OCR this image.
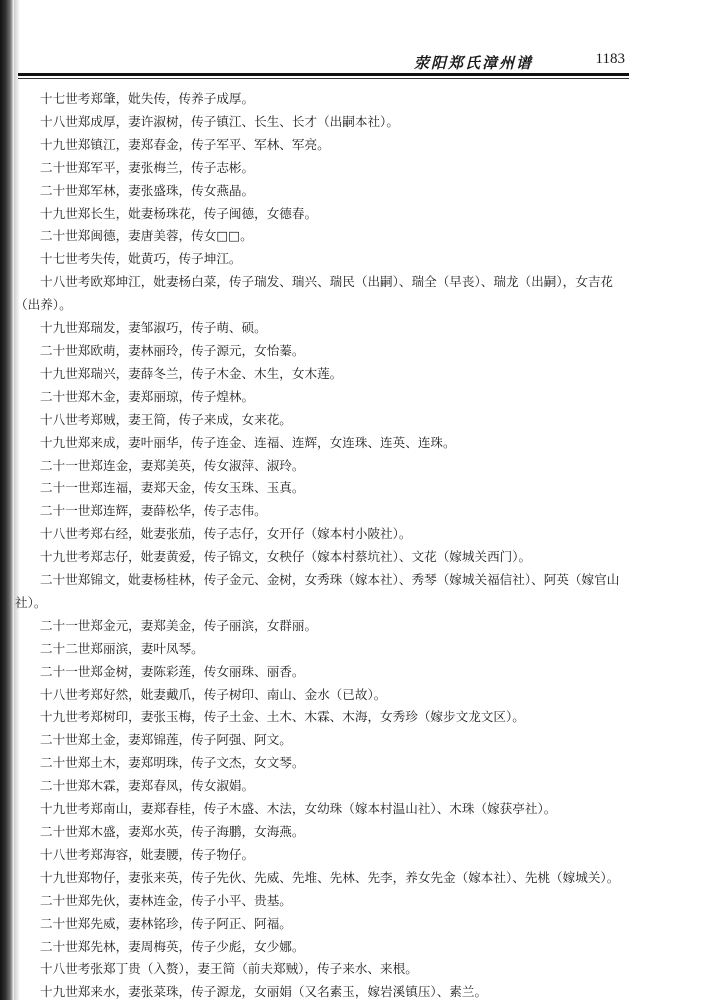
荥阳郑氏漳州谱	1183

十七世考郑肇，妣失传，传养子成厚。

十八世郑成厚，妻许淑树，传子镇江、长生、长才（出嗣本社）。

十九世郑镇江，妻郑春金，传子军平、军林、军亮。

二十世郑军平，妻张梅兰，传子志彬。

二十世郑军林，妻张盛珠，传女燕晶。

十九世郑长生，妣妻杨珠花，传子闽德，女德春。

二十世郑闽德，妻唐美蓉，传女□□。

十七世考失传，妣黄巧，传子坤江。

十八世考欧郑坤江，妣妻杨白菜，传子瑞发、瑞兴、瑞民（出嗣）、瑞全（早丧）、瑞龙（出嗣），女吉花（出养）。

十九世郑瑞发，妻邹淑巧，传子萌、硕。

二十世郑欧萌，妻林丽玲，传子源元，女怡蓁。

十九世郑瑞兴，妻薛冬兰，传子木金、木生，女木莲。

二十世郑木金，妻郑丽琼，传子煌林。

十八世考郑贼，妻王简，传子来成，女来花。

十九世郑来成，妻叶丽华，传子连金、连福、连辉，女连珠、连英、连珠。

二十一世郑连金，妻郑美英，传女淑萍、淑玲。

二十一世郑连福，妻郑天金，传女玉珠、玉真。

二十一世郑连辉，妻薛松华，传子志伟。

十八世考郑右经，妣妻张茄，传子志仔，女开仔（嫁本村小陂社）。

十九世考郑志仔，妣妻黄爱，传子锦文，女秧仔（嫁本村蔡坑社）、文花（嫁城关西门）。

二十世郑锦文，妣妻杨桂林，传子金元、金树，女秀珠（嫁本社）、秀琴（嫁城关福信社）、阿英（嫁官山社）。

二十一世郑金元，妻郑美金，传子丽滨，女群丽。

二十二世郑丽滨，妻叶凤琴。

二十一世郑金树，妻陈彩莲，传女丽珠、丽香。

十八世考郑好然，妣妻戴爪，传子树印、南山、金水（已故）。

十九世考郑树印，妻张玉梅，传子土金、土木、木霖、木海，女秀珍（嫁步文龙文区）。

二十世郑土金，妻郑锦莲，传子阿强、阿文。

二十世郑土木，妻郑明珠，传子文杰，女文琴。

二十世郑木霖，妻郑春凤，传女淑娟。

十九世考郑南山，妻郑春桂，传子木盛、木法，女幼珠（嫁本村温山社）、木珠（嫁获亭社）。

二十世郑木盛，妻郑水英，传子海鹏，女海燕。

十八世考郑海容，妣妻腰，传子物仔。

十九世郑物仔，妻张来英，传子先伙、先威、先堆、先林、先李，养女先金（嫁本社）、先桃（嫁城关）。

二十世郑先伙，妻林连金，传子小平、贵基。

二十世郑先威，妻林铭珍，传子阿正、阿福。

二十世郑先林，妻周梅英，传子少彪，女少娜。

十八世考张郑丁贵（入赘），妻王简（前夫郑贼），传子来水、来根。

十九世郑来水，妻张菜珠，传子源龙，女丽娟（又名素玉，嫁岩溪镇压）、素兰。
